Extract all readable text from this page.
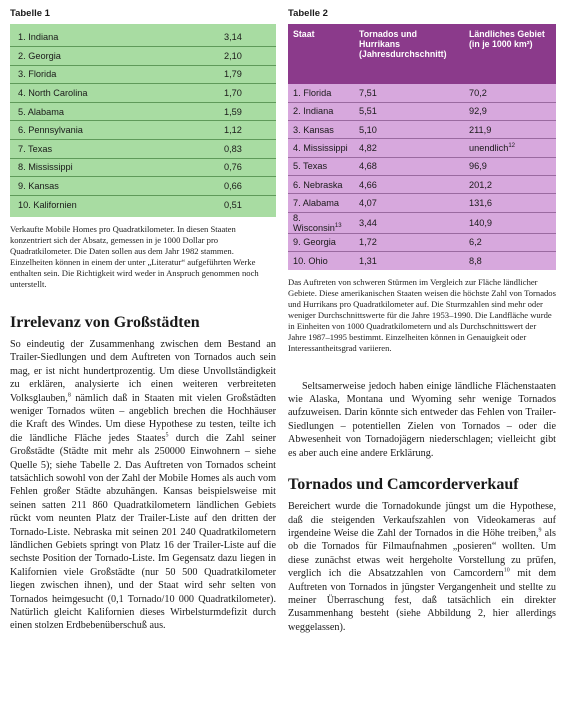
Tabelle 1
1. Indiana	3,14
2. Georgia	2,10
3. Florida	1,79
4. North Carolina	1,70
5. Alabama	1,59
6. Pennsylvania	1,12
7. Texas	0,83
8. Mississippi	0,76
9. Kansas	0,66
10. Kalifornien	0,51

Verkaufte Mobile Homes pro Quadratkilometer. In diesen Staaten konzentriert sich der Absatz, gemessen in je 1000 Dollar pro Quadratkilometer. Die Daten sollen aus dem Jahr 1982 stammen. Einzelheiten können in einem der unter „Literatur“ aufgeführten Werke enthalten sein. Die Richtigkeit wird weder in Anspruch genommen noch unterstellt.

Irrelevanz von Großstädten

So eindeutig der Zusammenhang zwischen dem Bestand an Trailer-Siedlungen und dem Auftreten von Tornados auch sein mag, er ist nicht hundertprozentig. Um diese Unvollständigkeit zu erklären, analysierte ich einen weiteren verbreiteten Volksglauben,$^8$ nämlich daß in Staaten mit vielen Großstädten weniger Tornados wüten – angeblich brechen die Hochhäuser die Kraft des Windes. Um diese Hypothese zu testen, teilte ich die ländliche Fläche jedes Staates$^5$ durch die Zahl seiner Großstädte (Städte mit mehr als 250000 Einwohnern – siehe Quelle 5); siehe Tabelle 2. Das Auftreten von Tornados scheint tatsächlich sowohl von der Zahl der Mobile Homes als auch vom Fehlen großer Städte abzuhängen. Kansas beispielsweise mit seinen satten 211 860 Quadratkilometern ländlichen Gebiets rückt vom neunten Platz der Trailer-Liste auf den dritten der Tornado-Liste. Nebraska mit seinen 201 240 Quadratkilometern ländlichen Gebiets springt von Platz 16 der Trailer-Liste auf die sechste Position der Tornado-Liste. Im Gegensatz dazu liegen in Kalifornien viele Großstädte (nur 50 500 Quadratkilometer liegen zwischen ihnen), und der Staat wird sehr selten von Tornados heimgesucht (0,1 Tornado/10 000 Quadratkilometer). Natürlich gleicht Kalifornien dieses Wirbelsturmdefizit durch einen stolzen Erdbebenüberschuß aus.

Tabelle 2
Staat	Tornados und Hurrikans (Jahresdurchschnitt)	Ländliches Gebiet (in je 1000 km²)
1. Florida	7,51	70,2
2. Indiana	5,51	92,9
3. Kansas	5,10	211,9
4. Mississippi	4,82	unendlich$^{12}$
5. Texas	4,68	96,9
6. Nebraska	4,66	201,2
7. Alabama	4,07	131,6
8. Wisconsin$^{13}$	3,44	140,9
9. Georgia	1,72	6,2
10. Ohio	1,31	8,8

Das Auftreten von schweren Stürmen im Vergleich zur Fläche ländlicher Gebiete. Diese amerikanischen Staaten weisen die höchste Zahl von Tornados und Hurrikans pro Quadratkilometer auf. Die Sturmzahlen sind mehr oder weniger Durchschnittswerte für die Jahre 1953–1990. Die Landfläche wurde in Einheiten von 1000 Quadratkilometern und als Durchschnittswert der Jahre 1987–1995 bestimmt. Einzelheiten können in Genauigkeit oder Interessantheitsgrad variieren.

Seltsamerweise jedoch haben einige ländliche Flächenstaaten wie Alaska, Montana und Wyoming sehr wenige Tornados aufzuweisen. Darin könnte sich entweder das Fehlen von Trailer-Siedlungen – potentiellen Zielen von Tornados – oder die Abwesenheit von Tornadojägern niederschlagen; vielleicht gibt es aber auch eine andere Erklärung.

Tornados und Camcorderverkauf

Bereichert wurde die Tornadokunde jüngst um die Hypothese, daß die steigenden Verkaufszahlen von Videokameras auf irgendeine Weise die Zahl der Tornados in die Höhe treiben,$^9$ als ob die Tornados für Filmaufnahmen „posieren“ wollten. Um diese zunächst etwas weit hergeholte Vorstellung zu prüfen, verglich ich die Absatzzahlen von Camcordern$^{10}$ mit dem Auftreten von Tornados in jüngster Vergangenheit und stellte zu meiner Überraschung fest, daß tatsächlich ein direkter Zusammenhang besteht (siehe Abbildung 2, hier allerdings weggelassen).
